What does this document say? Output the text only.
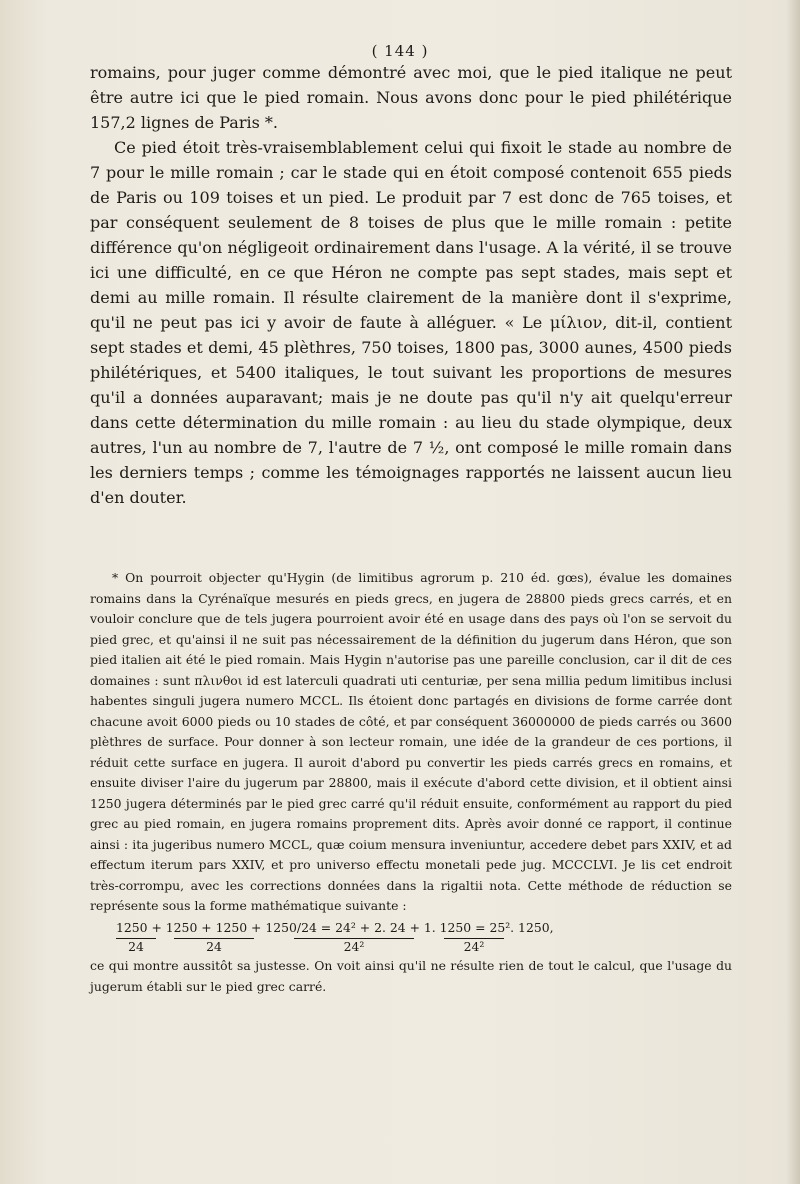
( 144 )

romains, pour juger comme démontré avec moi, que le pied italique ne peut être autre ici que le pied romain. Nous avons donc pour le pied philétérique 157,2 lignes de Paris *.

Ce pied étoit très-vraisemblablement celui qui fixoit le stade au nombre de 7 pour le mille romain ; car le stade qui en étoit composé contenoit 655 pieds de Paris ou 109 toises et un pied. Le produit par 7 est donc de 765 toises, et par conséquent seulement de 8 toises de plus que le mille romain : petite différence qu'on négligeoit ordinairement dans l'usage. A la vérité, il se trouve ici une difficulté, en ce que Héron ne compte pas sept stades, mais sept et demi au mille romain. Il résulte clairement de la manière dont il s'exprime, qu'il ne peut pas ici y avoir de faute à alléguer. « Le μίλιον, dit-il, contient sept stades et demi, 45 plèthres, 750 toises, 1800 pas, 3000 aunes, 4500 pieds philétériques, et 5400 italiques, le tout suivant les proportions de mesures qu'il a données auparavant; mais je ne doute pas qu'il n'y ait quelqu'erreur dans cette détermination du mille romain : au lieu du stade olympique, deux autres, l'un au nombre de 7, l'autre de 7 ½, ont composé le mille romain dans les derniers temps ; comme les témoignages rapportés ne laissent aucun lieu d'en douter.

* On pourroit objecter qu'Hygin (de limitibus agrorum p. 210 éd. gœs), évalue les domaines romains dans la Cyrénaïque mesurés en pieds grecs, en jugera de 28800 pieds grecs carrés, et en vouloir conclure que de tels jugera pourroient avoir été en usage dans des pays où l'on se servoit du pied grec, et qu'ainsi il ne suit pas nécessairement de la définition du jugerum dans Héron, que son pied italien ait été le pied romain. Mais Hygin n'autorise pas une pareille conclusion, car il dit de ces domaines : sunt πλινθοι id est laterculi quadrati uti centuriæ, per sena millia pedum limitibus inclusi habentes singuli jugera numero MCCL. Ils étoient donc partagés en divisions de forme carrée dont chacune avoit 6000 pieds ou 10 stades de côté, et par conséquent 36000000 de pieds carrés ou 3600 plèthres de surface. Pour donner à son lecteur romain, une idée de la grandeur de ces portions, il réduit cette surface en jugera. Il auroit d'abord pu convertir les pieds carrés grecs en romains, et ensuite diviser l'aire du jugerum par 28800, mais il exécute d'abord cette division, et il obtient ainsi 1250 jugera déterminés par le pied grec carré qu'il réduit ensuite, conformément au rapport du pied grec au pied romain, en jugera romains proprement dits. Après avoir donné ce rapport, il continue ainsi : ita jugeribus numero MCCL, quæ coium mensura inveniuntur, accedere debet pars XXIV, et ad effectum iterum pars XXIV, et pro universo effectu monetali pede jug. MCCCLVI. Je lis cet endroit très-corrompu, avec les corrections données dans la rigaltii nota. Cette méthode de réduction se représente sous la forme mathématique suivante :

1250 + 1250 + 1250 + 1250/24 = 24² + 2. 24 + 1. 1250 = 25². 1250,
24	24	24²	24²

ce qui montre aussitôt sa justesse. On voit ainsi qu'il ne résulte rien de tout le calcul, que l'usage du jugerum établi sur le pied grec carré.
